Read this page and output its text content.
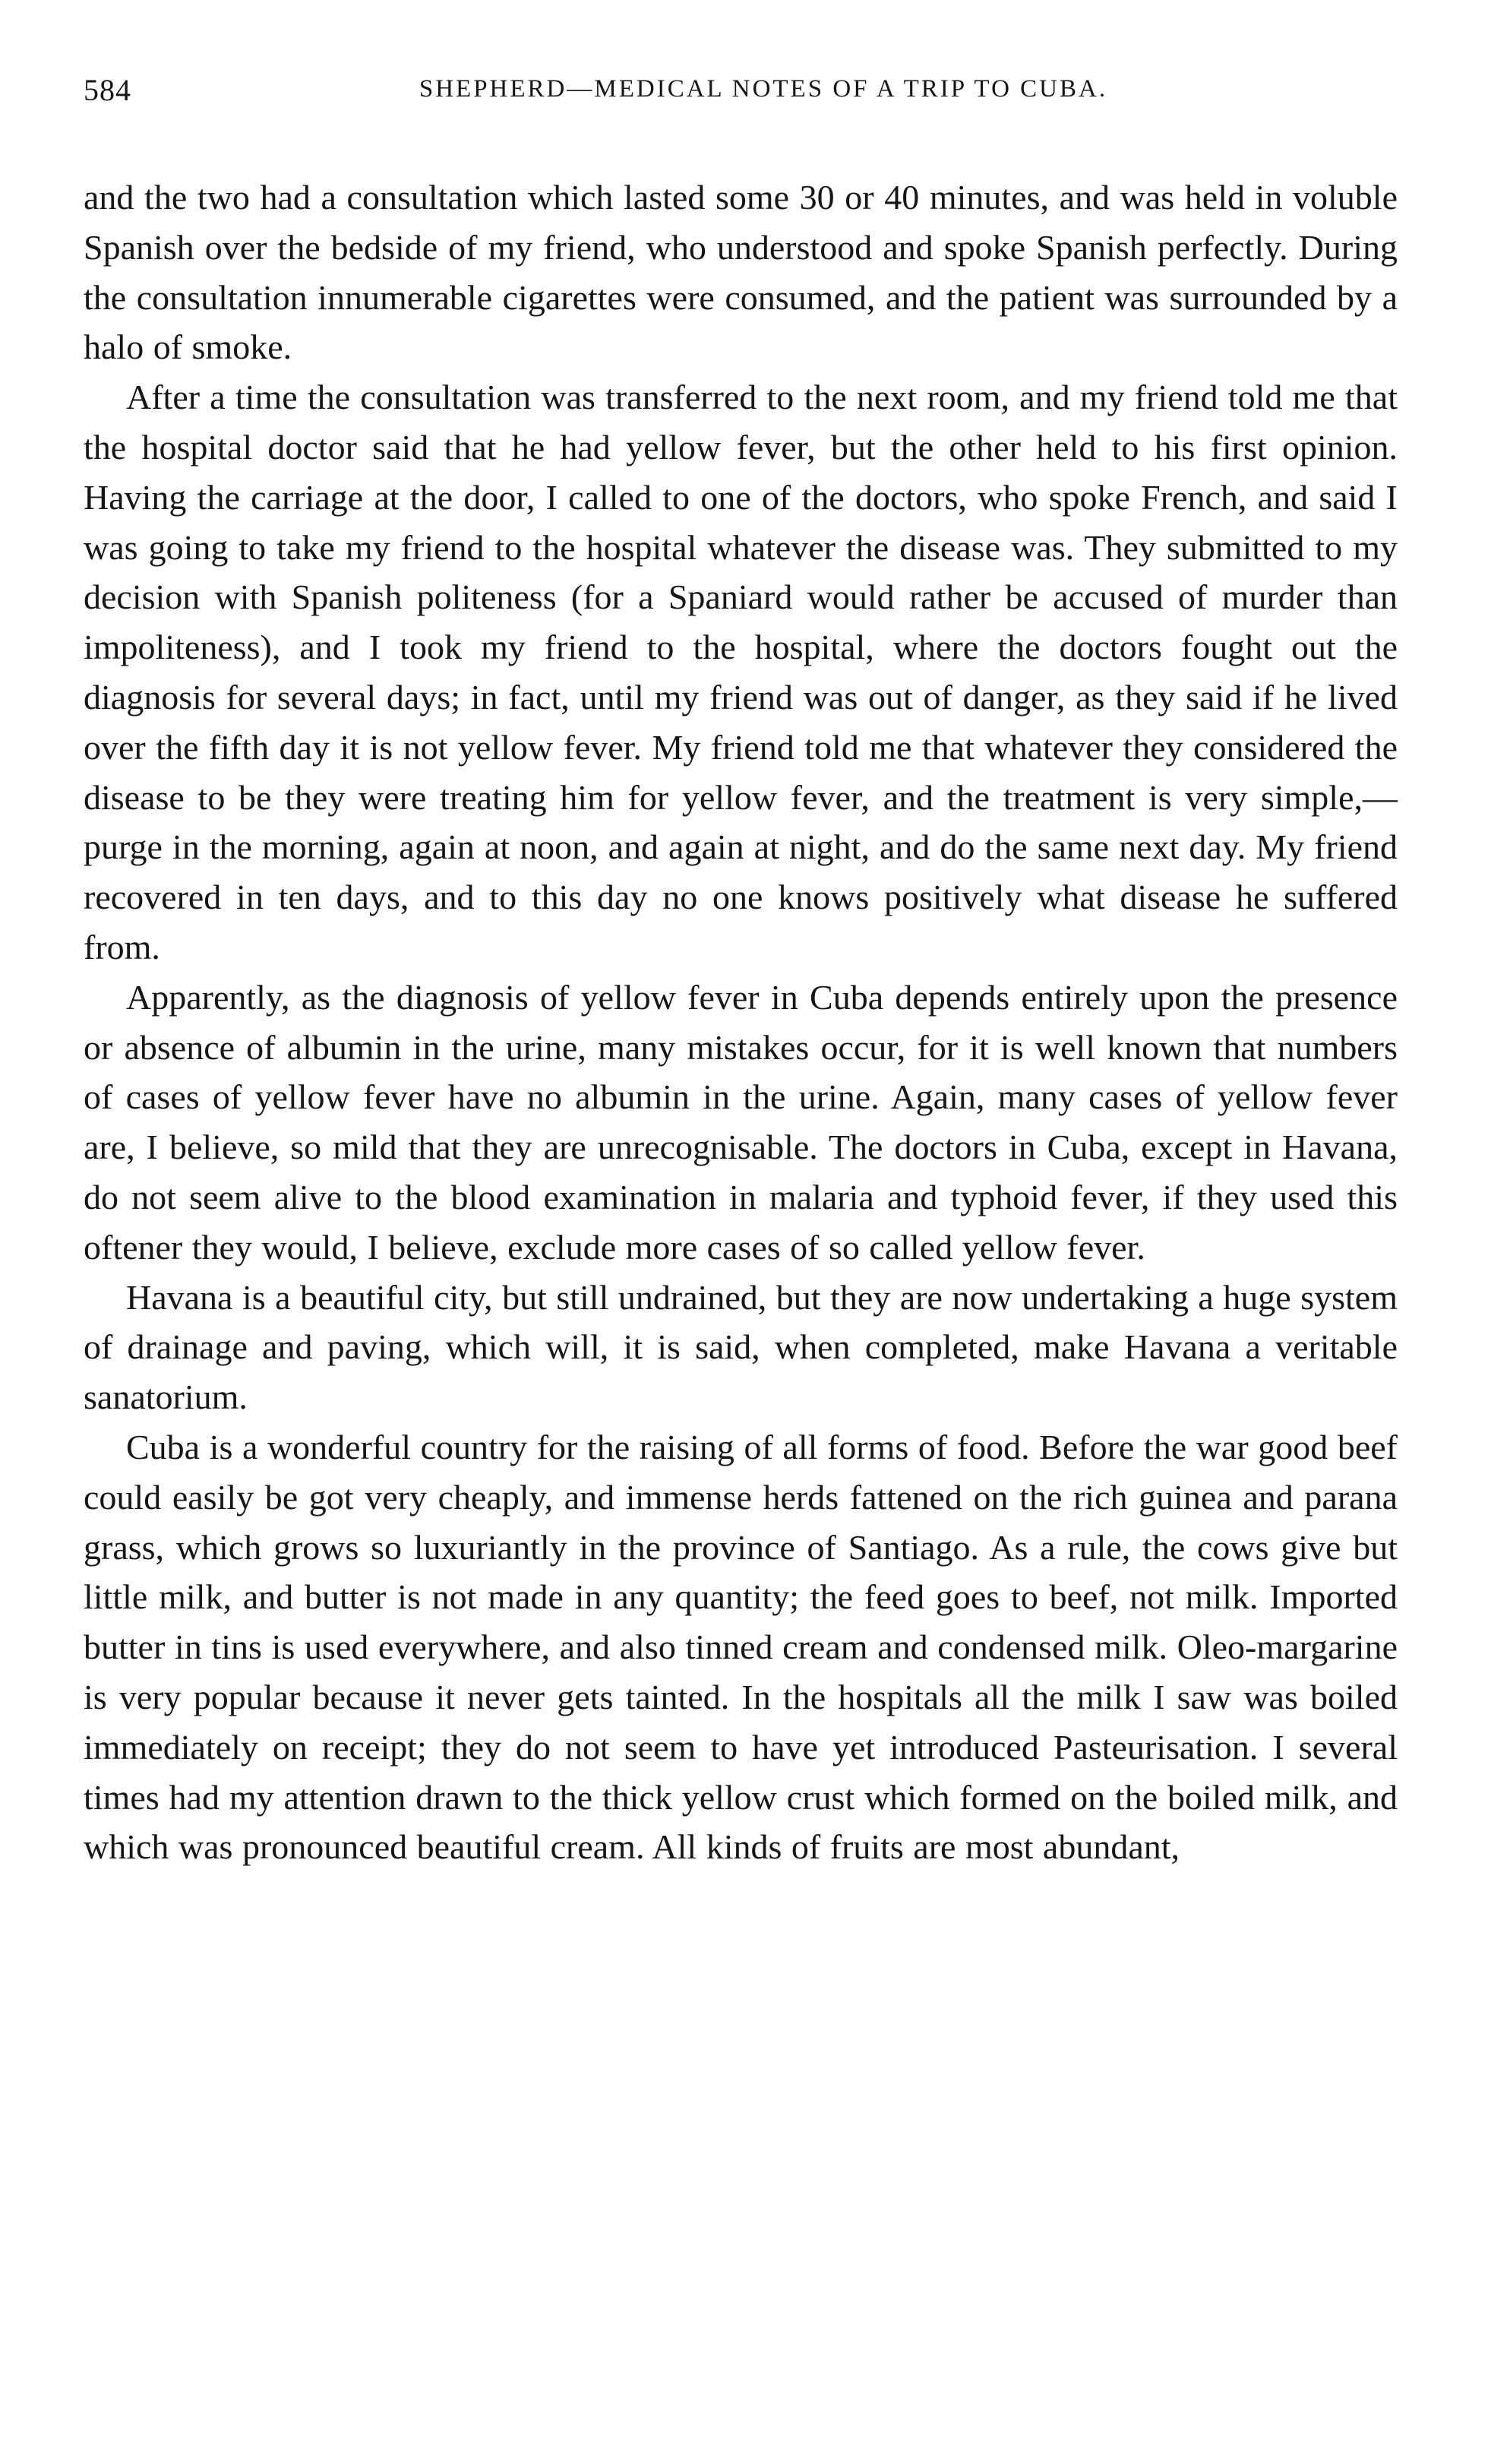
584	SHEPHERD—MEDICAL NOTES OF A TRIP TO CUBA.

and the two had a consultation which lasted some 30 or 40 minutes, and was held in voluble Spanish over the bedside of my friend, who understood and spoke Spanish perfectly. During the consultation innumerable cigarettes were consumed, and the patient was surrounded by a halo of smoke.

After a time the consultation was transferred to the next room, and my friend told me that the hospital doctor said that he had yellow fever, but the other held to his first opinion. Having the carriage at the door, I called to one of the doctors, who spoke French, and said I was going to take my friend to the hospital whatever the disease was. They submitted to my decision with Spanish politeness (for a Spaniard would rather be accused of murder than impoliteness), and I took my friend to the hospital, where the doctors fought out the diagnosis for several days; in fact, until my friend was out of danger, as they said if he lived over the fifth day it is not yellow fever. My friend told me that whatever they considered the disease to be they were treating him for yellow fever, and the treatment is very simple,—purge in the morning, again at noon, and again at night, and do the same next day. My friend recovered in ten days, and to this day no one knows positively what disease he suffered from.

Apparently, as the diagnosis of yellow fever in Cuba depends entirely upon the presence or absence of albumin in the urine, many mistakes occur, for it is well known that numbers of cases of yellow fever have no albumin in the urine. Again, many cases of yellow fever are, I believe, so mild that they are unrecognisable. The doctors in Cuba, except in Havana, do not seem alive to the blood examination in malaria and typhoid fever, if they used this oftener they would, I believe, exclude more cases of so called yellow fever.

Havana is a beautiful city, but still undrained, but they are now undertaking a huge system of drainage and paving, which will, it is said, when completed, make Havana a veritable sanatorium.

Cuba is a wonderful country for the raising of all forms of food. Before the war good beef could easily be got very cheaply, and immense herds fattened on the rich guinea and parana grass, which grows so luxuriantly in the province of Santiago. As a rule, the cows give but little milk, and butter is not made in any quantity; the feed goes to beef, not milk. Imported butter in tins is used everywhere, and also tinned cream and condensed milk. Oleo-margarine is very popular because it never gets tainted. In the hospitals all the milk I saw was boiled immediately on receipt; they do not seem to have yet introduced Pasteurisation. I several times had my attention drawn to the thick yellow crust which formed on the boiled milk, and which was pronounced beautiful cream. All kinds of fruits are most abundant,
